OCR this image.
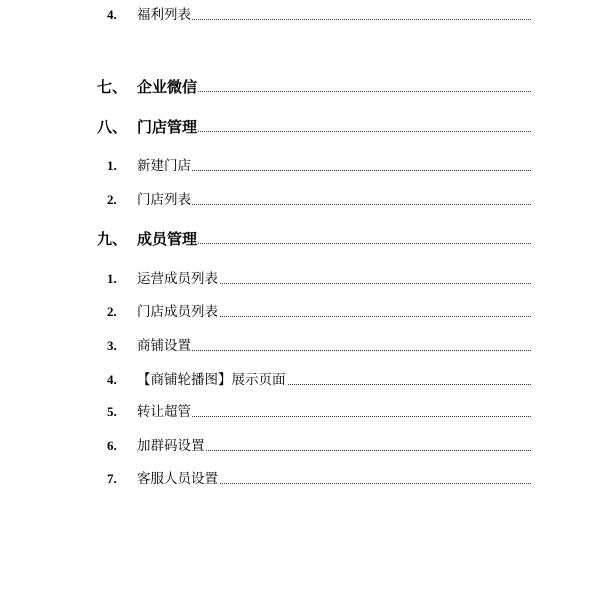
4. 福利列表
七、 企业微信
八、 门店管理
1. 新建门店
2. 门店列表
九、 成员管理
1. 运营成员列表
2. 门店成员列表
3. 商铺设置
4. 【商铺轮播图】展示页面
5. 转让超管
6. 加群码设置
7. 客服人员设置
